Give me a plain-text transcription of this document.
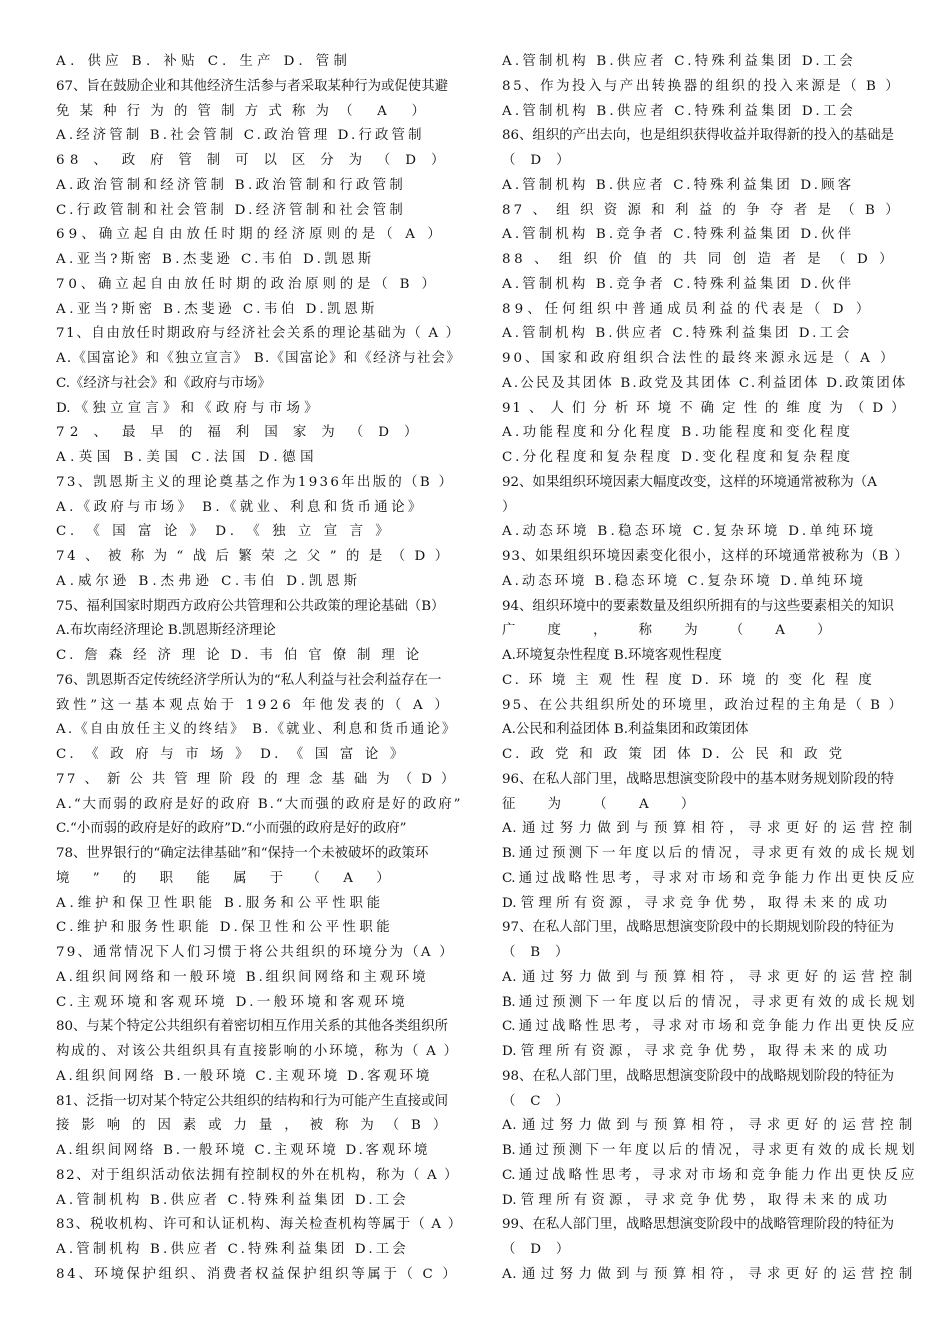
A. 供应 B. 补贴 C. 生产 D. 管制
67、旨在鼓励企业和其他经济生活参与者采取某种行为或促使其避
免某种行为的管制方式称为（ A ）
A.经济管制 B.社会管制 C.政治管理 D.行政管制
68 、 政 府 管 制 可 以 区 分 为 （ D ）
A.政治管制和经济管制 B.政治管制和行政管制
C.行政管制和社会管制 D.经济管制和社会管制
69、确立起自由放任时期的经济原则的是（ A ）
A.亚当?斯密 B.杰斐逊 C.韦伯 D.凯恩斯
70、确立起自由放任时期的政治原则的是（ B ）
A.亚当?斯密 B.杰斐逊 C.韦伯 D.凯恩斯
71、自由放任时期政府与经济社会关系的理论基础为（ A ）
A.《国富论》和《独立宣言》 B.《国富论》和《经济与社会》
C.《经济与社会》和《政府与市场》
D. 《 独 立 宣 言 》 和 《 政 府 与 市 场 》
72 、 最 早 的 福 利 国 家 为 （ D ）
A.英国 B.美国 C.法国 D.德国
73、凯恩斯主义的理论奠基之作为1936年出版的（B ）
A.《政府与市场》 B.《就业、利息和货币通论》
C. 《 国 富 论 》 D. 《 独 立 宣 言 》
74 、 被 称 为 “ 战 后 繁 荣 之 父 ” 的 是 （ D ）
A.威尔逊 B.杰弗逊 C.韦伯 D.凯恩斯
75、福利国家时期西方政府公共管理和公共政策的理论基础（B）
A.布坎南经济理论 B.凯恩斯经济理论
C. 詹 森 经 济 理 论 D. 韦 伯 官 僚 制 理 论
76、凯恩斯否定传统经济学所认为的“私人利益与社会利益存在一
致性”这一基本观点始于 1926 年他发表的（ A ）
A.《自由放任主义的终结》 B.《就业、利息和货币通论》
C. 《 政 府 与 市 场 》 D. 《 国 富 论 》
77 、 新 公 共 管 理 阶 段 的 理 念 基 础 为 （ D ）
A.“大而弱的政府是好的政府 B.“大而强的政府是好的政府”
C.“小而弱的政府是好的政府”D.“小而强的政府是好的政府”
78、世界银行的“确定法律基础”和“保持一个未被破坏的政策环
境 ” 的 职 能 属 于 （ A ）
A.维护和保卫性职能 B.服务和公平性职能
C.维护和服务性职能 D.保卫性和公平性职能
79、通常情况下人们习惯于将公共组织的环境分为（A ）
A.组织间网络和一般环境 B.组织间网络和主观环境
C.主观环境和客观环境 D.一般环境和客观环境
80、与某个特定公共组织有着密切相互作用关系的其他各类组织所
构成的、对该公共组织具有直接影响的小环境，称为（ A ）
A.组织间网络 B.一般环境 C.主观环境 D.客观环境
81、泛指一切对某个特定公共组织的结构和行为可能产生直接或间
接 影 响 的 因 素 或 力 量 ， 被 称 为 （ B ）
A.组织间网络 B.一般环境 C.主观环境 D.客观环境
82、对于组织活动依法拥有控制权的外在机构，称为（ A ）
A.管制机构 B.供应者 C.特殊利益集团 D.工会
83、税收机构、许可和认证机构、海关检查机构等属于（ A ）
A.管制机构 B.供应者 C.特殊利益集团 D.工会
84、环境保护组织、消费者权益保护组织等属于（ C ）
A.管制机构 B.供应者 C.特殊利益集团 D.工会
85、作为投入与产出转换器的组织的投入来源是（ B ）
A.管制机构 B.供应者 C.特殊利益集团 D.工会
86、组织的产出去向，也是组织获得收益并取得新的投入的基础是
（ D ）
A.管制机构 B.供应者 C.特殊利益集团 D.顾客
87 、 组 织 资 源 和 利 益 的 争 夺 者 是 （ B ）
A.管制机构 B.竞争者 C.特殊利益集团 D.伙伴
88 、 组 织 价 值 的 共 同 创 造 者 是 （ D ）
A.管制机构 B.竞争者 C.特殊利益集团 D.伙伴
89、任何组织中普通成员利益的代表是（ D ）
A.管制机构 B.供应者 C.特殊利益集团 D.工会
90、国家和政府组织合法性的最终来源永远是（ A ）
A.公民及其团体 B.政党及其团体 C.利益团体 D.政策团体
91 、 人 们 分 析 环 境 不 确 定 性 的 维 度 为 （ D ）
A.功能程度和分化程度 B.功能程度和变化程度
C.分化程度和复杂程度 D.变化程度和复杂程度
92、如果组织环境因素大幅度改变，这样的环境通常被称为（A
）
A.动态环境 B.稳态环境 C.复杂环境 D.单纯环境
93、如果组织环境因素变化很小，这样的环境通常被称为（B ）
A.动态环境 B.稳态环境 C.复杂环境 D.单纯环境
94、组织环境中的要素数量及组织所拥有的与这些要素相关的知识
广 度 ， 称 为 （ A ）
A.环境复杂性程度 B.环境客观性程度
C. 环 境 主 观 性 程 度 D. 环 境 的 变 化 程 度
95、在公共组织所处的环境里，政治过程的主角是（ B ）
A.公民和利益团体 B.利益集团和政策团体
C. 政 党 和 政 策 团 体 D. 公 民 和 政 党
96、在私人部门里，战略思想演变阶段中的基本财务规划阶段的特
征 为 （ A ）
A. 通 过 努 力 做 到 与 预 算 相 符 ， 寻 求 更 好 的 运 营 控 制
B. 通 过 预 测 下 一 年 度 以 后 的 情 况 ， 寻 求 更 有 效 的 成 长 规 划
C. 通 过 战 略 性 思 考 ， 寻 求 对 市 场 和 竞 争 能 力 作 出 更 快 反 应
D. 管 理 所 有 资 源 ， 寻 求 竞 争 优 势 ， 取 得 未 来 的 成 功
97、在私人部门里，战略思想演变阶段中的长期规划阶段的特征为
（ B ）
A. 通 过 努 力 做 到 与 预 算 相 符 ， 寻 求 更 好 的 运 营 控 制
B. 通 过 预 测 下 一 年 度 以 后 的 情 况 ， 寻 求 更 有 效 的 成 长 规 划
C. 通 过 战 略 性 思 考 ， 寻 求 对 市 场 和 竞 争 能 力 作 出 更 快 反 应
D. 管 理 所 有 资 源 ， 寻 求 竞 争 优 势 ， 取 得 未 来 的 成 功
98、在私人部门里，战略思想演变阶段中的战略规划阶段的特征为
（ C ）
A. 通 过 努 力 做 到 与 预 算 相 符 ， 寻 求 更 好 的 运 营 控 制
B. 通 过 预 测 下 一 年 度 以 后 的 情 况 ， 寻 求 更 有 效 的 成 长 规 划
C. 通 过 战 略 性 思 考 ， 寻 求 对 市 场 和 竞 争 能 力 作 出 更 快 反 应
D. 管 理 所 有 资 源 ， 寻 求 竞 争 优 势 ， 取 得 未 来 的 成 功
99、在私人部门里，战略思想演变阶段中的战略管理阶段的特征为
（ D ）
A. 通 过 努 力 做 到 与 预 算 相 符 ， 寻 求 更 好 的 运 营 控 制
